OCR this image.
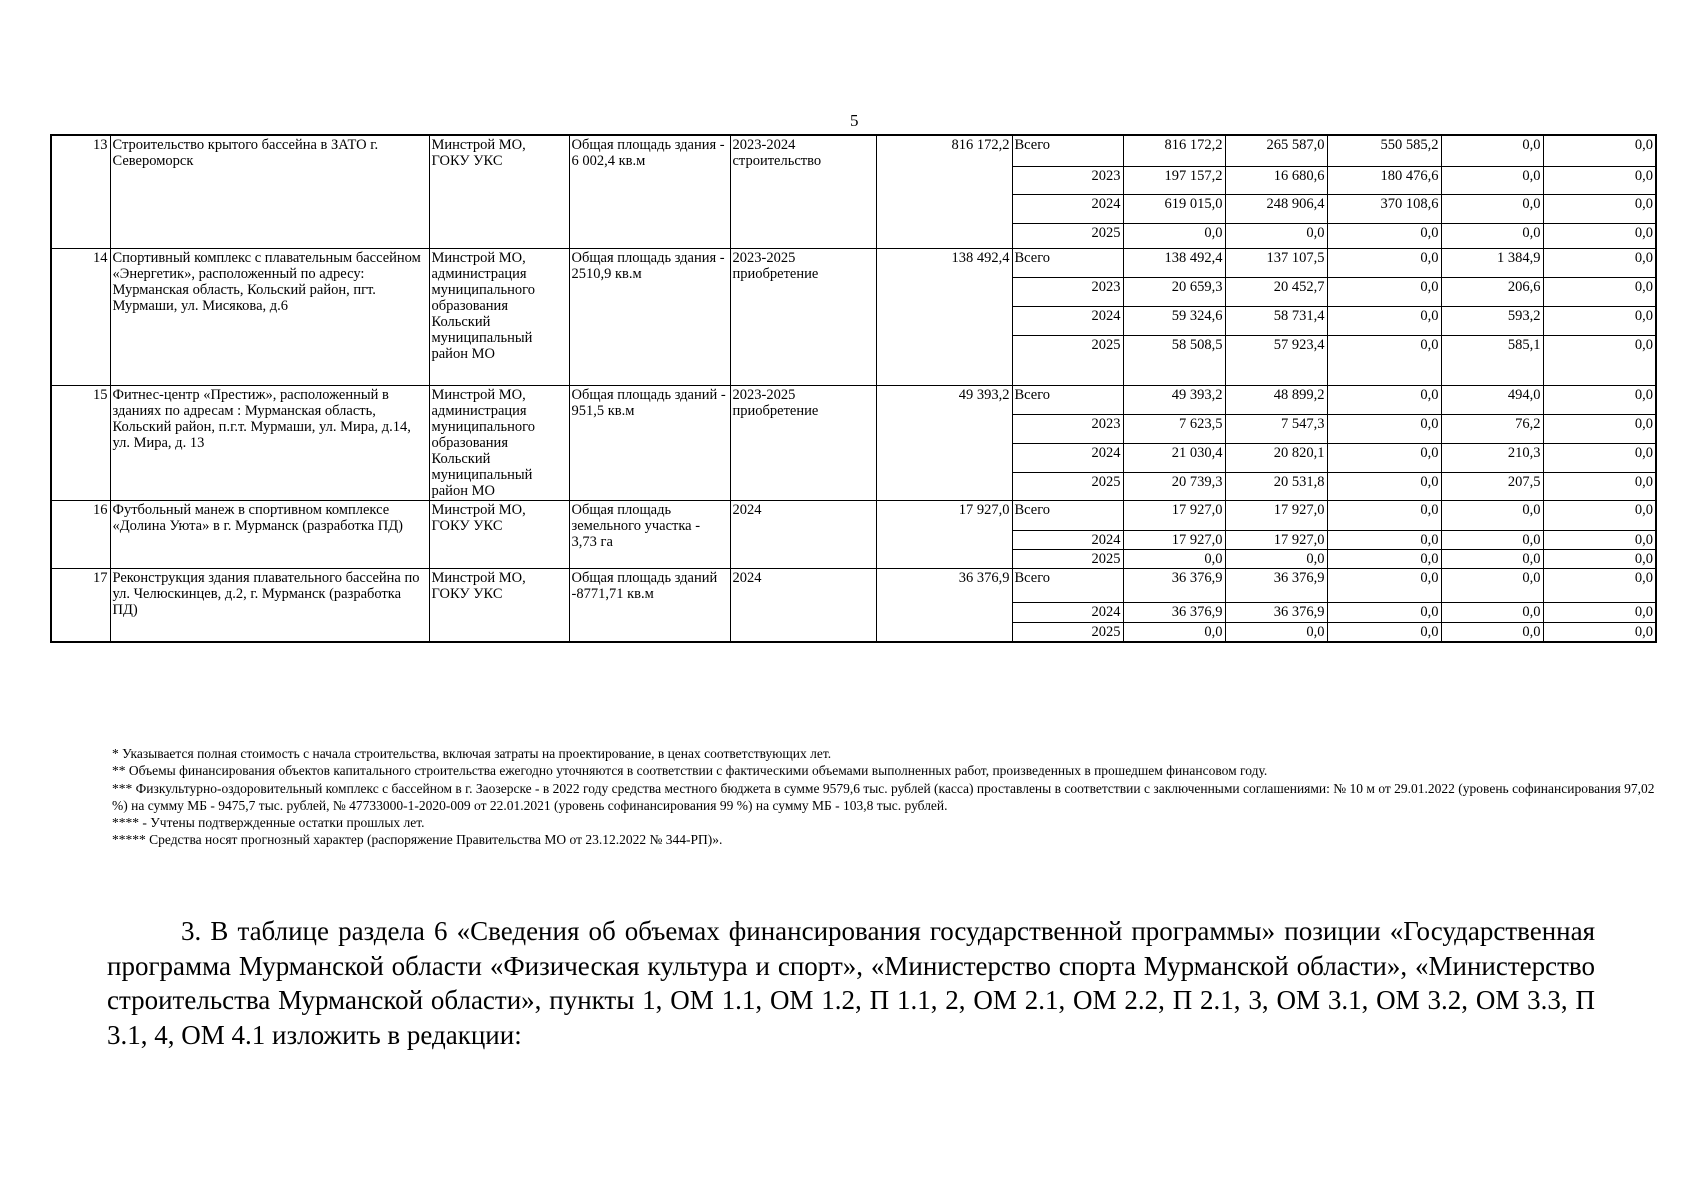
5
13	Строительство крытого бассейна в ЗАТО г. Североморск	Минстрой МО, ГОКУ УКС	Общая площадь здания - 6 002,4 кв.м	2023-2024 строительство	816 172,2	Всего	816 172,2	265 587,0	550 585,2	0,0	0,0
						2023	197 157,2	16 680,6	180 476,6	0,0	0,0
						2024	619 015,0	248 906,4	370 108,6	0,0	0,0
						2025	0,0	0,0	0,0	0,0	0,0
14	Спортивный комплекс с плавательным бассейном «Энергетик», расположенный по адресу: Мурманская область, Кольский район, пгт. Мурмаши, ул. Мисякова, д.6	Минстрой МО, администрация муниципального образования Кольский муниципальный район МО	Общая площадь здания - 2510,9 кв.м	2023-2025 приобретение	138 492,4	Всего	138 492,4	137 107,5	0,0	1 384,9	0,0
						2023	20 659,3	20 452,7	0,0	206,6	0,0
						2024	59 324,6	58 731,4	0,0	593,2	0,0
						2025	58 508,5	57 923,4	0,0	585,1	0,0
15	Фитнес-центр «Престиж», расположенный в зданиях по адресам : Мурманская область, Кольский район, п.г.т. Мурмаши, ул. Мира, д.14, ул. Мира, д. 13	Минстрой МО, администрация муниципального образования Кольский муниципальный район МО	Общая площадь зданий - 951,5 кв.м	2023-2025 приобретение	49 393,2	Всего	49 393,2	48 899,2	0,0	494,0	0,0
						2023	7 623,5	7 547,3	0,0	76,2	0,0
						2024	21 030,4	20 820,1	0,0	210,3	0,0
						2025	20 739,3	20 531,8	0,0	207,5	0,0
16	Футбольный манеж в спортивном комплексе «Долина Уюта» в г. Мурманск (разработка ПД)	Минстрой МО, ГОКУ УКС	Общая площадь земельного участка - 3,73 га	2024	17 927,0	Всего	17 927,0	17 927,0	0,0	0,0	0,0
						2024	17 927,0	17 927,0	0,0	0,0	0,0
						2025	0,0	0,0	0,0	0,0	0,0
17	Реконструкция здания плавательного бассейна по ул. Челюскинцев, д.2, г. Мурманск (разработка ПД)	Минстрой МО, ГОКУ УКС	Общая площадь зданий -8771,71 кв.м	2024	36 376,9	Всего	36 376,9	36 376,9	0,0	0,0	0,0
						2024	36 376,9	36 376,9	0,0	0,0	0,0
						2025	0,0	0,0	0,0	0,0	0,0

* Указывается полная стоимость с начала строительства, включая затраты на проектирование, в ценах соответствующих лет.

** Объемы финансирования объектов капитального строительства ежегодно уточняются в соответствии с фактическими объемами выполненных работ, произведенных в прошедшем финансовом году.

*** Физкультурно-оздоровительный комплекс с бассейном в г. Заозерске - в 2022 году средства местного бюджета в сумме 9579,6 тыс. рублей (касса) проставлены в соответствии с заключенными соглашениями: № 10 м от 29.01.2022 (уровень софинансирования 97,02 %) на сумму МБ - 9475,7 тыс. рублей, № 47733000-1-2020-009 от 22.01.2021 (уровень софинансирования 99 %) на сумму МБ - 103,8 тыс. рублей.

**** - Учтены подтвержденные остатки прошлых лет.

***** Средства носят прогнозный характер (распоряжение Правительства МО от 23.12.2022 № 344-РП)».

3. В таблице раздела 6 «Сведения об объемах финансирования государственной программы» позиции «Государственная программа Мурманской области «Физическая культура и спорт», «Министерство спорта Мурманской области», «Министерство строительства Мурманской области», пункты 1, ОМ 1.1, ОМ 1.2, П 1.1, 2, ОМ 2.1, ОМ 2.2, П 2.1, 3, ОМ 3.1, ОМ 3.2, ОМ 3.3, П 3.1, 4, ОМ 4.1 изложить в редакции:
